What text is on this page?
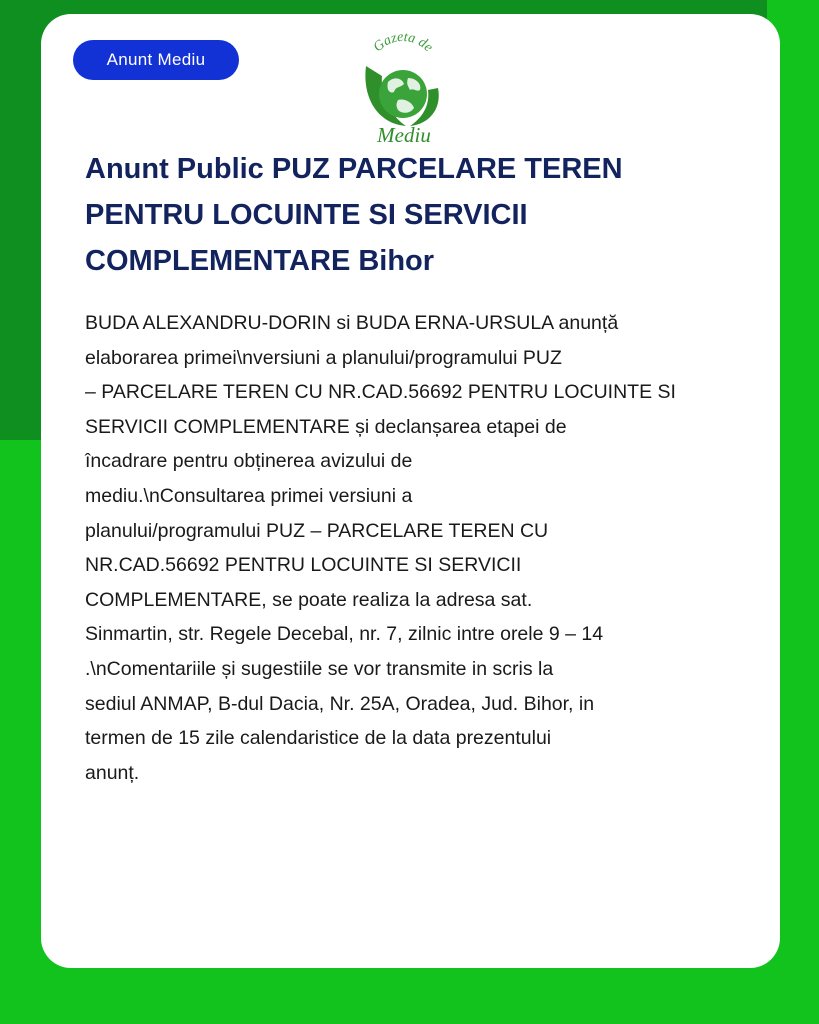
Anunt Mediu
Gazeta de
Mediu
Anunt Public PUZ PARCELARE TEREN PENTRU LOCUINTE SI SERVICII COMPLEMENTARE Bihor

BUDA ALEXANDRU-DORIN si BUDA ERNA-URSULA anunță
elaborarea primei\nversiuni a planului/programului PUZ
– PARCELARE TEREN CU NR.CAD.56692 PENTRU LOCUINTE SI
SERVICII COMPLEMENTARE și declanșarea etapei de
încadrare pentru obținerea avizului de
mediu.\nConsultarea primei versiuni a
planului/programului PUZ – PARCELARE TEREN CU
NR.CAD.56692 PENTRU LOCUINTE SI SERVICII
COMPLEMENTARE, se poate realiza la adresa sat.
Sinmartin, str. Regele Decebal, nr. 7, zilnic intre orele 9 – 14
.\nComentariile și sugestiile se vor transmite in scris la
sediul ANMAP, B-dul Dacia, Nr. 25A, Oradea, Jud. Bihor, in
termen de 15 zile calendaristice de la data prezentului
anunț.
